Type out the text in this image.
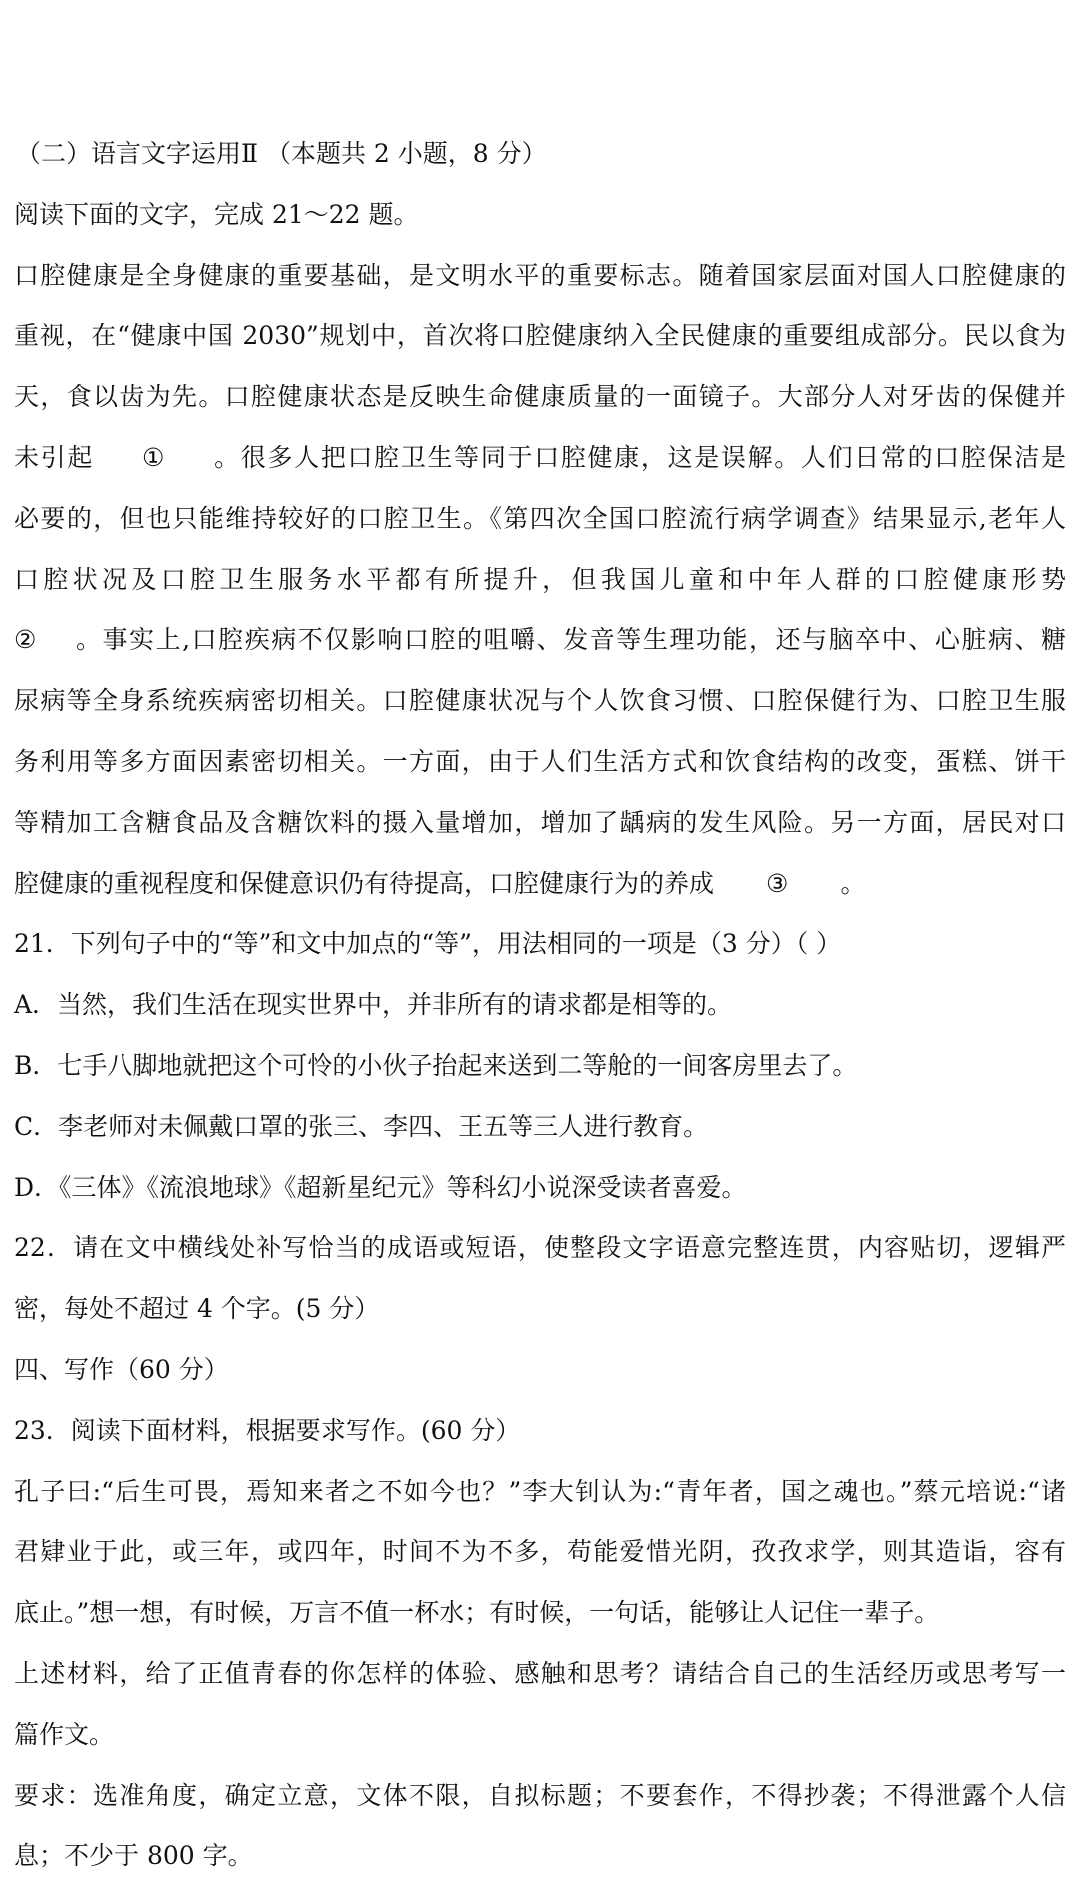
（二）语言文字运用Ⅱ （本题共 2 小题，8 分）
阅读下面的文字，完成 21～22 题。
口腔健康是全身健康的重要基础，是文明水平的重要标志。随着国家层面对国人口腔健康的
重视，在“健康中国 2030”规划中，首次将口腔健康纳入全民健康的重要组成部分。民以食为
天，食以齿为先。口腔健康状态是反映生命健康质量的一面镜子。大部分人对牙齿的保健并
未引起 ① 。很多人把口腔卫生等同于口腔健康，这是误解。人们日常的口腔保洁是
必要的，但也只能维持较好的口腔卫生。《第四次全国口腔流行病学调查》结果显示,老年人
口腔状况及口腔卫生服务水平都有所提升，但我国儿童和中年人群的口腔健康形势
② 。事实上,口腔疾病不仅影响口腔的咀嚼、发音等生理功能，还与脑卒中、心脏病、糖
尿病等全身系统疾病密切相关。口腔健康状况与个人饮食习惯、口腔保健行为、口腔卫生服
务利用等多方面因素密切相关。一方面，由于人们生活方式和饮食结构的改变，蛋糕、饼干
等精加工含糖食品及含糖饮料的摄入量增加，增加了龋病的发生风险。另一方面，居民对口
腔健康的重视程度和保健意识仍有待提高，口腔健康行为的养成 ③ 。
21．下列句子中的“等”和文中加点的“等”，用法相同的一项是（3 分）（ ）
A．当然，我们生活在现实世界中，并非所有的请求都是相等的。
B．七手八脚地就把这个可怜的小伙子抬起来送到二等舱的一间客房里去了。
C．李老师对未佩戴口罩的张三、李四、王五等三人进行教育。
D．《三体》《流浪地球》《超新星纪元》等科幻小说深受读者喜爱。
22．请在文中横线处补写恰当的成语或短语，使整段文字语意完整连贯，内容贴切，逻辑严
密，每处不超过 4 个字。(5 分）
四、写作（60 分）
23．阅读下面材料，根据要求写作。(60 分）
孔子曰:“后生可畏，焉知来者之不如今也？”李大钊认为:“青年者，国之魂也。”蔡元培说:“诸
君肄业于此，或三年，或四年，时间不为不多，苟能爱惜光阴，孜孜求学，则其造诣，容有
底止。”想一想，有时候，万言不值一杯水；有时候，一句话，能够让人记住一辈子。
上述材料，给了正值青春的你怎样的体验、感触和思考？请结合自己的生活经历或思考写一
篇作文。
要求：选准角度，确定立意，文体不限，自拟标题；不要套作，不得抄袭；不得泄露个人信
息；不少于 800 字。
